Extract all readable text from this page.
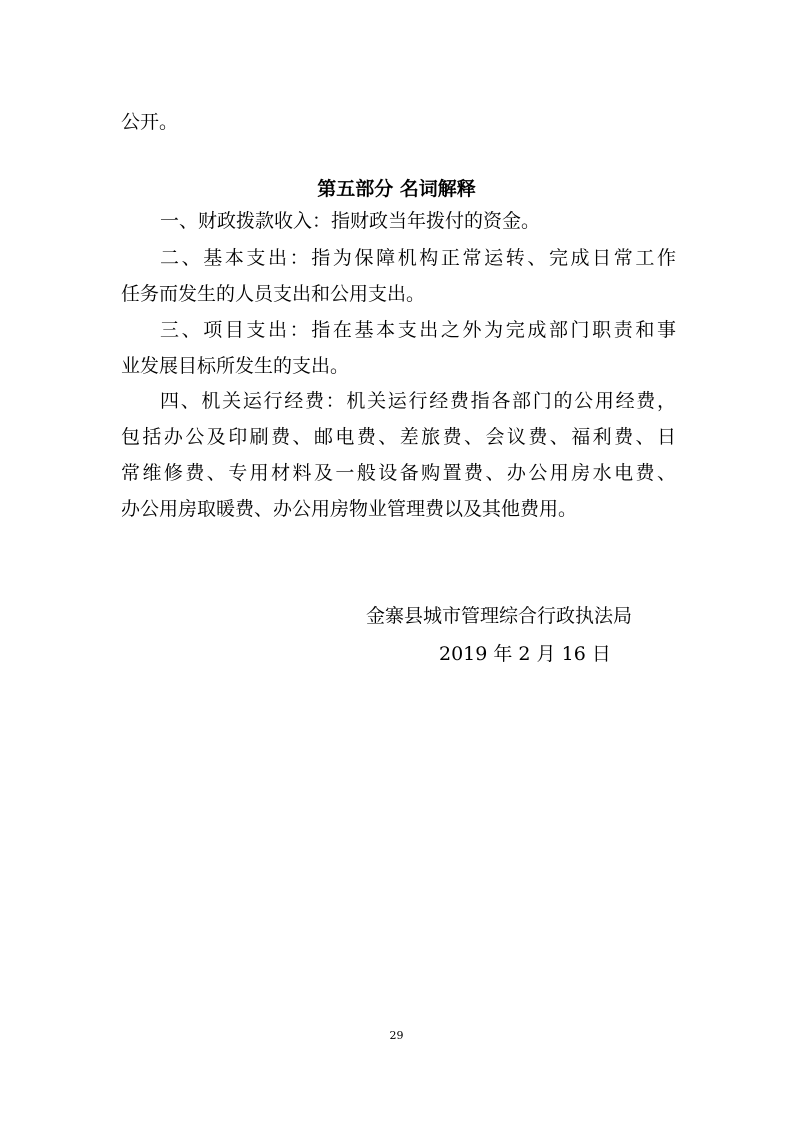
公开。

第五部分 名词解释

一、财政拨款收入：指财政当年拨付的资金。

二、基本支出：指为保障机构正常运转、完成日常工作

任务而发生的人员支出和公用支出。

三、项目支出：指在基本支出之外为完成部门职责和事

业发展目标所发生的支出。

四、机关运行经费：机关运行经费指各部门的公用经费，

包括办公及印刷费、邮电费、差旅费、会议费、福利费、日

常维修费、专用材料及一般设备购置费、办公用房水电费、

办公用房取暖费、办公用房物业管理费以及其他费用。

金寨县城市管理综合行政执法局

2019 年 2 月 16 日

29
